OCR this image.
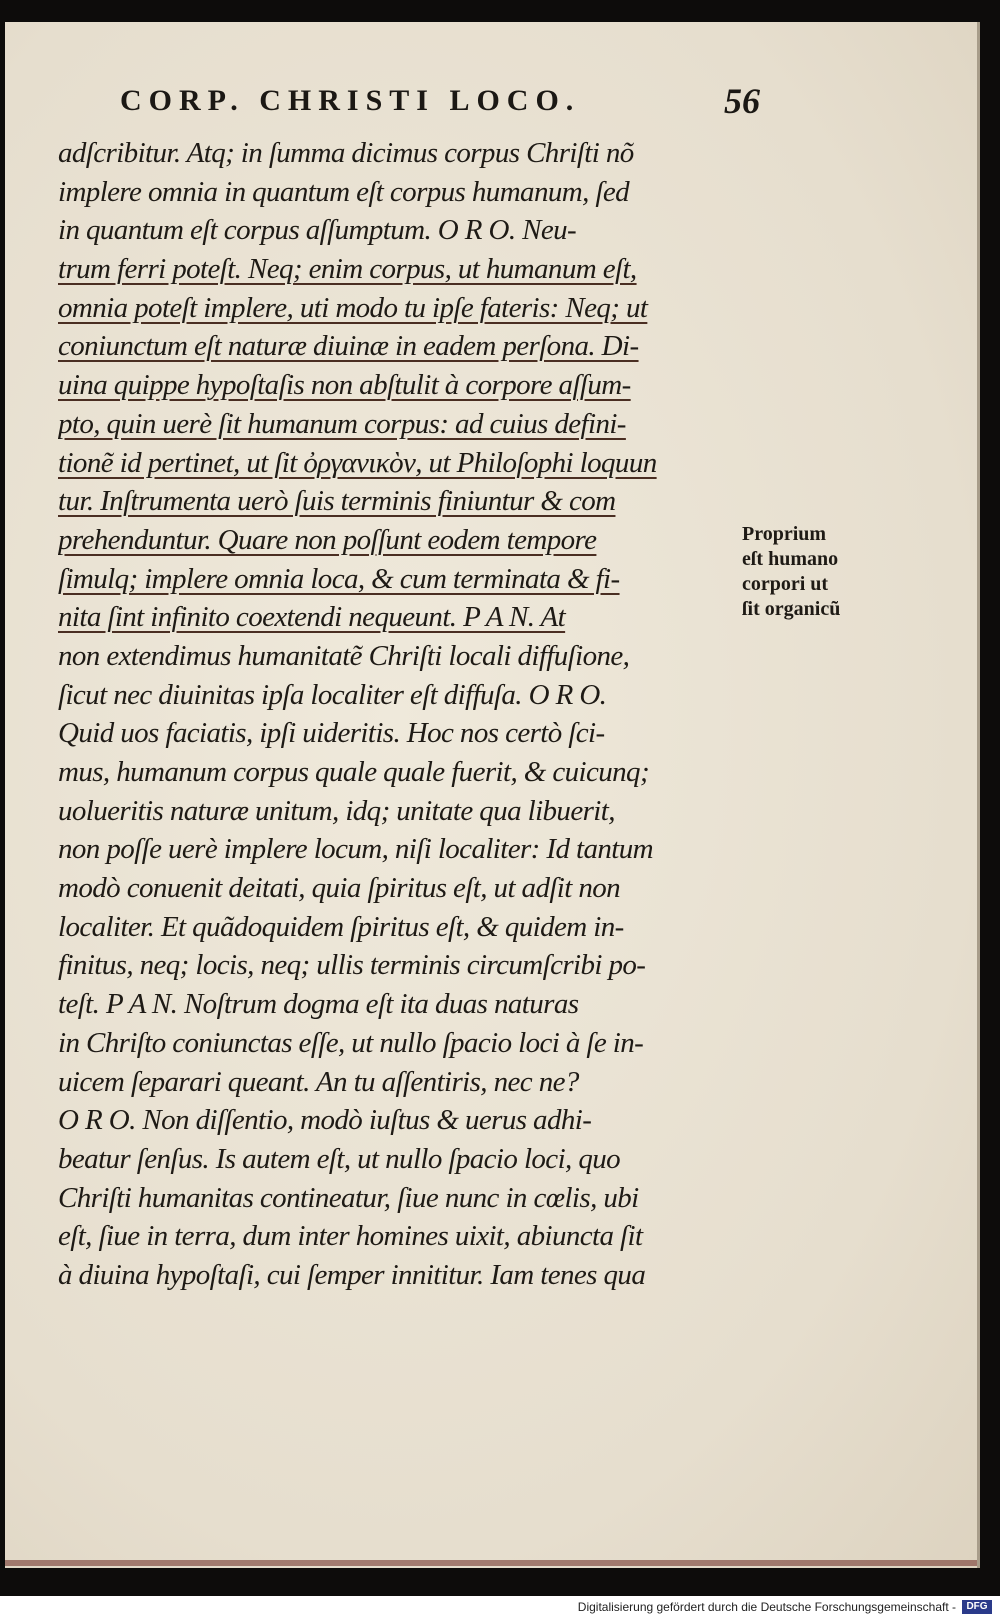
CORP. CHRISTI LOCO.	56
adſcribitur. Atq; in ſumma dicimus corpus Chriſti nõ
implere omnia in quantum eſt corpus humanum, ſed
in quantum eſt corpus aſſumptum. O R O. Neu-
trum ferri poteſt. Neq; enim corpus, ut humanum eſt,
omnia poteſt implere, uti modo tu ipſe fateris: Neq; ut
coniunctum eſt naturæ diuinæ in eadem perſona. Di-
uina quippe hypoſtaſis non abſtulit à corpore aſſum-
pto, quin uerè ſit humanum corpus: ad cuius defini-
tionẽ id pertinet, ut ſit ὀργανικὸν, ut Philoſophi loquun
tur. Inſtrumenta uerò ſuis terminis finiuntur & com
prehenduntur. Quare non poſſunt eodem tempore
ſimulq; implere omnia loca, & cum terminata & fi-
nita ſint infinito coextendi nequeunt. P A N. At
non extendimus humanitatẽ Chriſti locali diffuſione,
ſicut nec diuinitas ipſa localiter eſt diffuſa. O R O.
Quid uos faciatis, ipſi uideritis. Hoc nos certò ſci-
mus, humanum corpus quale quale fuerit, & cuicunq;
uolueritis naturæ unitum, idq; unitate qua libuerit,
non poſſe uerè implere locum, niſi localiter: Id tantum
modò conuenit deitati, quia ſpiritus eſt, ut adſit non
localiter. Et quãdoquidem ſpiritus eſt, & quidem in-
finitus, neq; locis, neq; ullis terminis circumſcribi po-
teſt. P A N. Noſtrum dogma eſt ita duas naturas
in Chriſto coniunctas eſſe, ut nullo ſpacio loci à ſe in-
uicem ſeparari queant. An tu aſſentiris, nec ne?
O R O. Non diſſentio, modò iuſtus & uerus adhi-
beatur ſenſus. Is autem eſt, ut nullo ſpacio loci, quo
Chriſti humanitas contineatur, ſiue nunc in cœlis, ubi
eſt, ſiue in terra, dum inter homines uixit, abiuncta ſit
à diuina hypoſtaſi, cui ſemper innititur. Iam tenes qua
Proprium
eſt humano
corpori ut
ſit organicũ
Digitalisierung gefördert durch die Deutsche Forschungsgemeinschaft -	DFG
